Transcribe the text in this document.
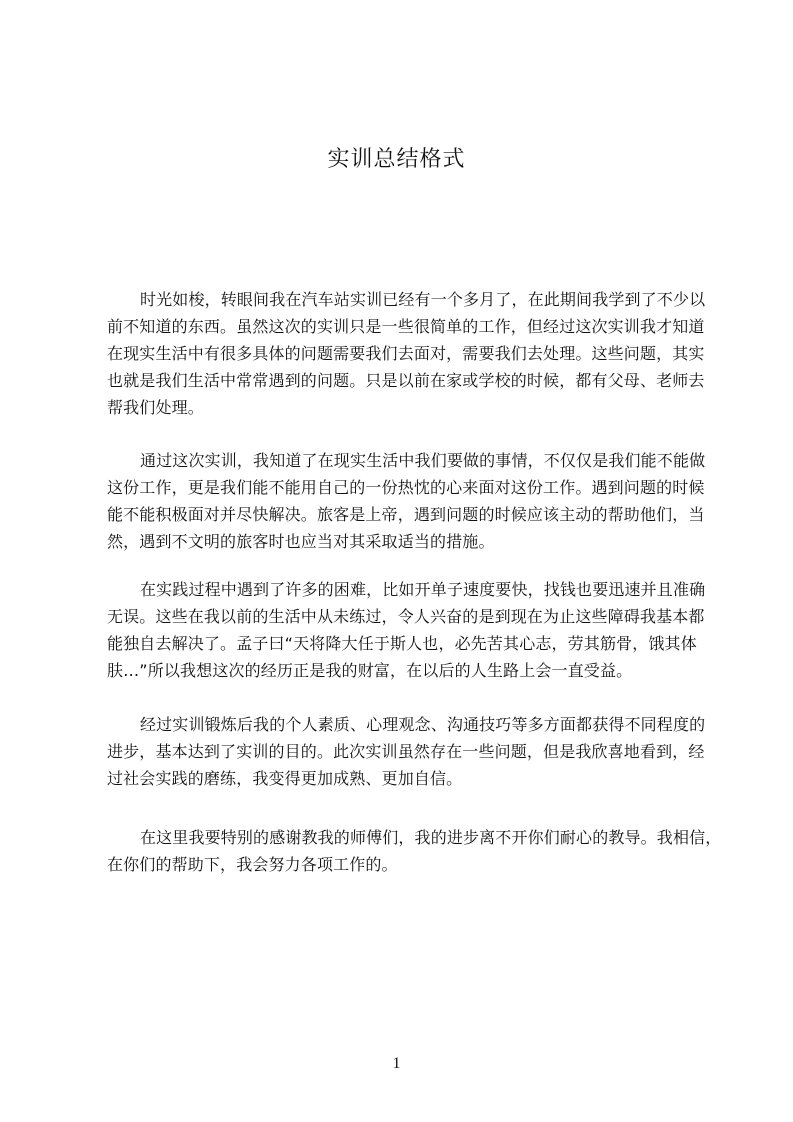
实训总结格式
时光如梭，转眼间我在汽车站实训已经有一个多月了，在此期间我学到了不少以
前不知道的东西。虽然这次的实训只是一些很简单的工作，但经过这次实训我才知道
在现实生活中有很多具体的问题需要我们去面对，需要我们去处理。这些问题，其实
也就是我们生活中常常遇到的问题。只是以前在家或学校的时候，都有父母、老师去
帮我们处理。
通过这次实训，我知道了在现实生活中我们要做的事情，不仅仅是我们能不能做
这份工作，更是我们能不能用自己的一份热忱的心来面对这份工作。遇到问题的时候
能不能积极面对并尽快解决。旅客是上帝，遇到问题的时候应该主动的帮助他们，当
然，遇到不文明的旅客时也应当对其采取适当的措施。
在实践过程中遇到了许多的困难，比如开单子速度要快，找钱也要迅速并且准确
无误。这些在我以前的生活中从未练过，令人兴奋的是到现在为止这些障碍我基本都
能独自去解决了。孟子曰“天将降大任于斯人也，必先苦其心志，劳其筋骨，饿其体
肤…”所以我想这次的经历正是我的财富，在以后的人生路上会一直受益。
经过实训锻炼后我的个人素质、心理观念、沟通技巧等多方面都获得不同程度的
进步，基本达到了实训的目的。此次实训虽然存在一些问题，但是我欣喜地看到，经
过社会实践的磨练，我变得更加成熟、更加自信。
在这里我要特别的感谢教我的师傅们，我的进步离不开你们耐心的教导。我相信，
在你们的帮助下，我会努力各项工作的。
1
